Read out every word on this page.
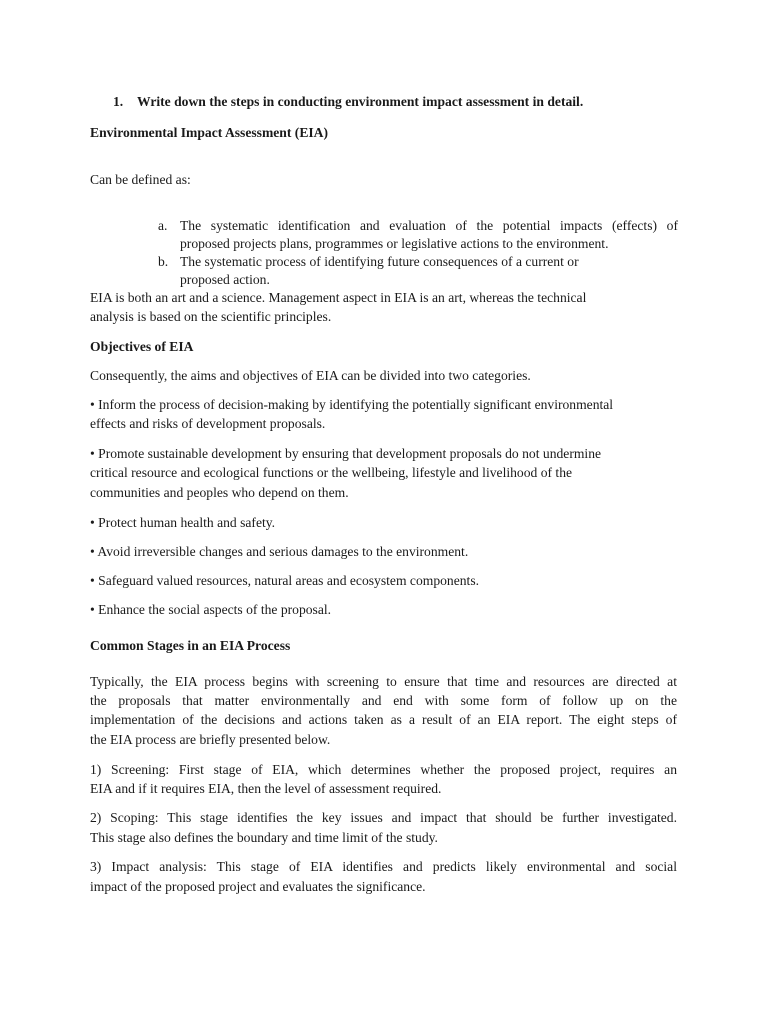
1. Write down the steps in conducting environment impact assessment in detail.

Environmental Impact Assessment (EIA)

Can be defined as:

a. The systematic identification and evaluation of the potential impacts (effects) of

proposed projects plans, programmes or legislative actions to the environment.

b. The systematic process of identifying future consequences of a current or

proposed action.

EIA is both an art and a science. Management aspect in EIA is an art, whereas the technical

analysis is based on the scientific principles.

Objectives of EIA

Consequently, the aims and objectives of EIA can be divided into two categories.

• Inform the process of decision-making by identifying the potentially significant environmental

effects and risks of development proposals.

• Promote sustainable development by ensuring that development proposals do not undermine

critical resource and ecological functions or the wellbeing, lifestyle and livelihood of the

communities and peoples who depend on them.

• Protect human health and safety.

• Avoid irreversible changes and serious damages to the environment.

• Safeguard valued resources, natural areas and ecosystem components.

• Enhance the social aspects of the proposal.

Common Stages in an EIA Process

Typically, the EIA process begins with screening to ensure that time and resources are directed at

the proposals that matter environmentally and end with some form of follow up on the

implementation of the decisions and actions taken as a result of an EIA report. The eight steps of

the EIA process are briefly presented below.

1) Screening: First stage of EIA, which determines whether the proposed project, requires an

EIA and if it requires EIA, then the level of assessment required.

2) Scoping: This stage identifies the key issues and impact that should be further investigated.

This stage also defines the boundary and time limit of the study.

3) Impact analysis: This stage of EIA identifies and predicts likely environmental and social

impact of the proposed project and evaluates the significance.
